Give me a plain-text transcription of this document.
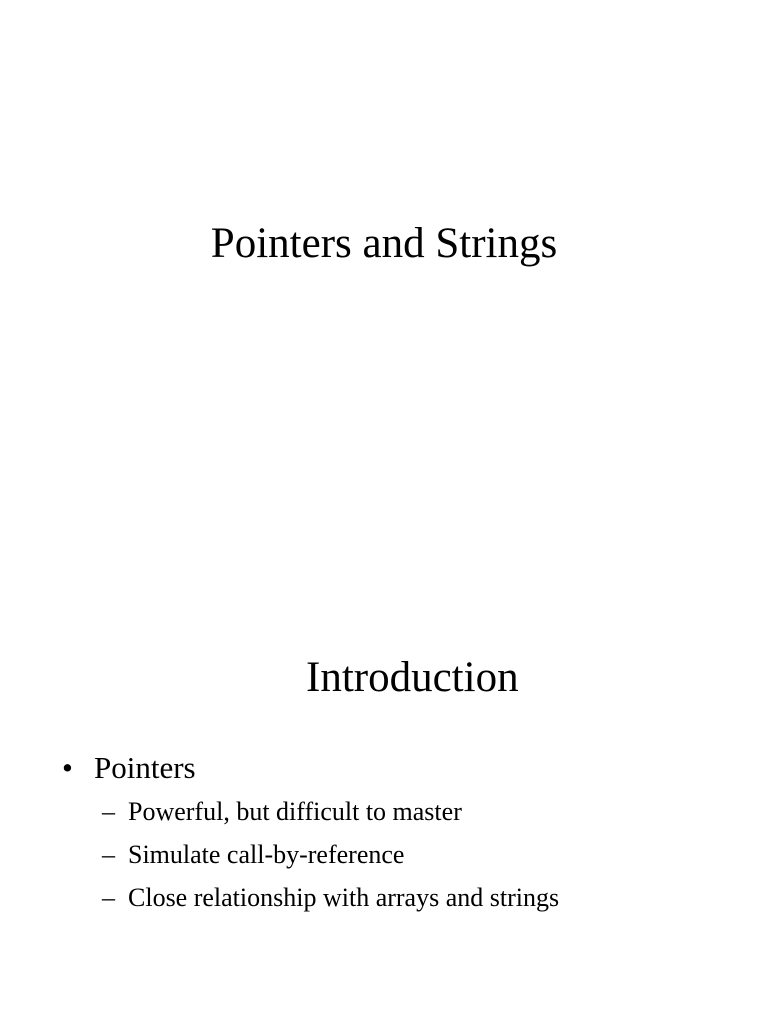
Pointers and Strings
Introduction
• Pointers
– Powerful, but difficult to master
– Simulate call-by-reference
– Close relationship with arrays and strings
